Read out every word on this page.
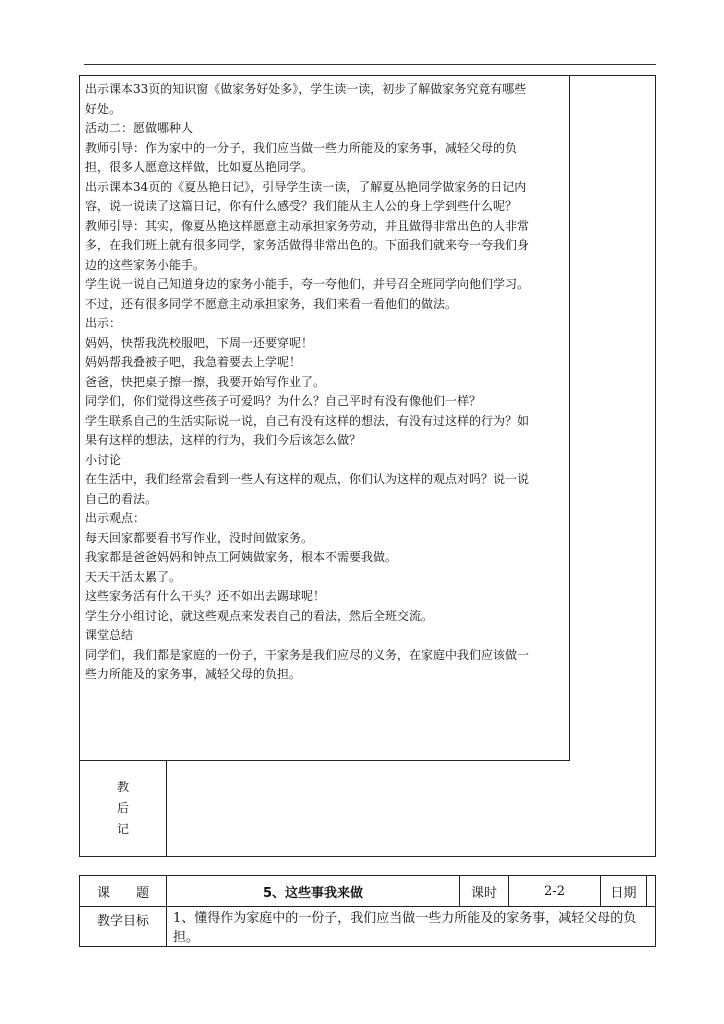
出示课本33页的知识窗《做家务好处多》，学生读一读，初步了解做家务究竟有哪些
好处。
活动二：愿做哪种人
教师引导：作为家中的一分子，我们应当做一些力所能及的家务事，减轻父母的负
担，很多人愿意这样做，比如夏丛艳同学。
出示课本34页的《夏丛艳日记》，引导学生读一读，了解夏丛艳同学做家务的日记内
容，说一说读了这篇日记，你有什么感受？我们能从主人公的身上学到些什么呢？
教师引导：其实，像夏丛艳这样愿意主动承担家务劳动，并且做得非常出色的人非常
多，在我们班上就有很多同学，家务活做得非常出色的。下面我们就来夸一夸我们身
边的这些家务小能手。
学生说一说自己知道身边的家务小能手，夸一夸他们，并号召全班同学向他们学习。
不过，还有很多同学不愿意主动承担家务，我们来看一看他们的做法。
出示：
妈妈，快帮我洗校服吧，下周一还要穿呢！
妈妈帮我叠被子吧，我急着要去上学呢！
爸爸，快把桌子擦一擦，我要开始写作业了。
同学们，你们觉得这些孩子可爱吗？为什么？自己平时有没有像他们一样？
学生联系自己的生活实际说一说，自己有没有这样的想法，有没有过这样的行为？如
果有这样的想法，这样的行为，我们今后该怎么做？
小讨论
在生活中，我们经常会看到一些人有这样的观点，你们认为这样的观点对吗？说一说
自己的看法。
出示观点：
每天回家都要看书写作业，没时间做家务。
我家都是爸爸妈妈和钟点工阿姨做家务，根本不需要我做。
天天干活太累了。
这些家务活有什么干头？还不如出去踢球呢！
学生分小组讨论，就这些观点来发表自己的看法，然后全班交流。
课堂总结
同学们，我们都是家庭的一份子，干家务是我们应尽的义务，在家庭中我们应该做一
些力所能及的家务事，减轻父母的负担。
教
后
记
课　　题	5、这些事我来做	课时	2-2	日期
教学目标	1、懂得作为家庭中的一份子，我们应当做一些力所能及的家务事，减轻父母的负担。
